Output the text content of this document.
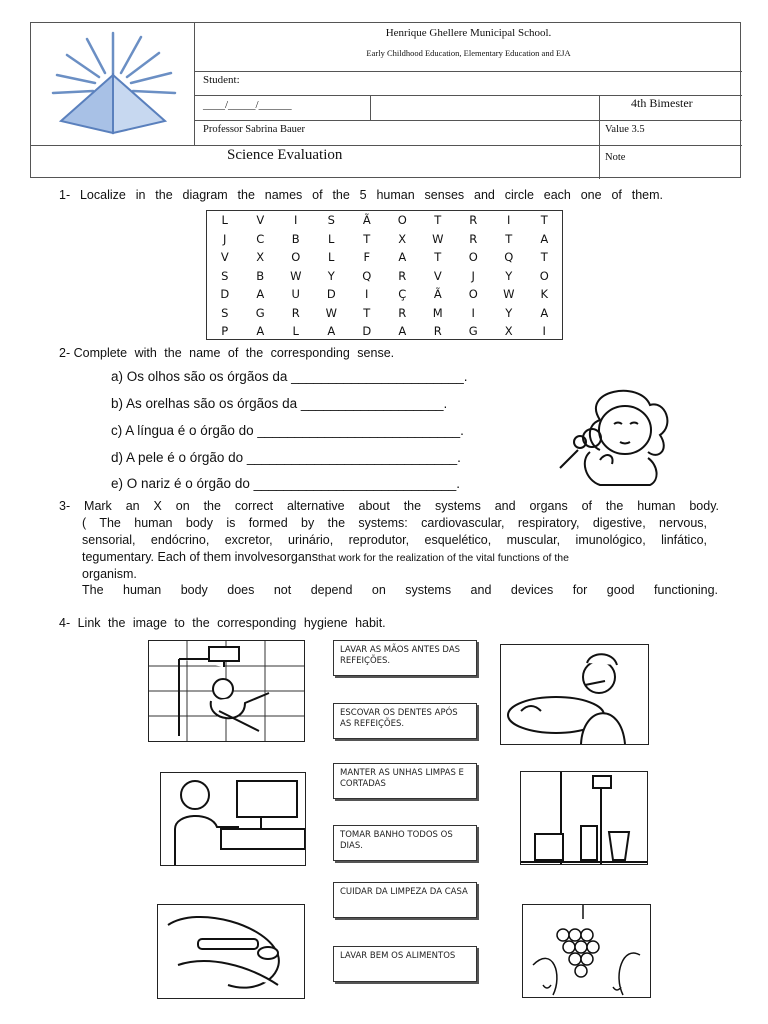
Henrique Ghellere Municipal School.
Early Childhood Education, Elementary Education and EJA
Student:
____/_____/______	4th Bimester
Professor Sabrina Bauer	Value 3.5
Science Evaluation	Note
1- Localize in the diagram the names of the 5 human senses and circle each one of them.
L	V	I	S	Ã	O	T	R	I	T
J	C	B	L	T	X	W	R	T	A
V	X	O	L	F	A	T	O	Q	T
S	B	W	Y	Q	R	V	J	Y	O
D	A	U	D	I	Ç	Ã	O	W	K
S	G	R	W	T	R	M	I	Y	A
P	A	L	A	D	A	R	G	X	I
2- Complete with the name of the corresponding sense.
a) Os olhos são os órgãos da _______________________.
b) As orelhas são os órgãos da ___________________.
c) A língua é o órgão do ___________________________.
d) A pele é o órgão do ____________________________.
e) O nariz é o órgão do ___________________________.
3- Mark an X on the correct alternative about the systems and organs of the human body.
( The human body is formed by the systems: cardiovascular, respiratory, digestive, nervous,
sensorial, endócrino, excretor, urinário, reprodutor, esquelético, muscular, imunológico, linfático,
tegumentary. Each of them involvesorgansthat work for the realization of the vital functions of the
organism.
The human body does not depend on systems and devices for good functioning.
4- Link the image to the corresponding hygiene habit.
LAVAR AS MÃOS ANTES DAS REFEIÇÕES.
ESCOVAR OS DENTES APÓS AS REFEIÇÕES.
MANTER AS UNHAS LIMPAS E CORTADAS
TOMAR BANHO TODOS OS DIAS.
CUIDAR DA LIMPEZA DA CASA
LAVAR BEM OS ALIMENTOS
